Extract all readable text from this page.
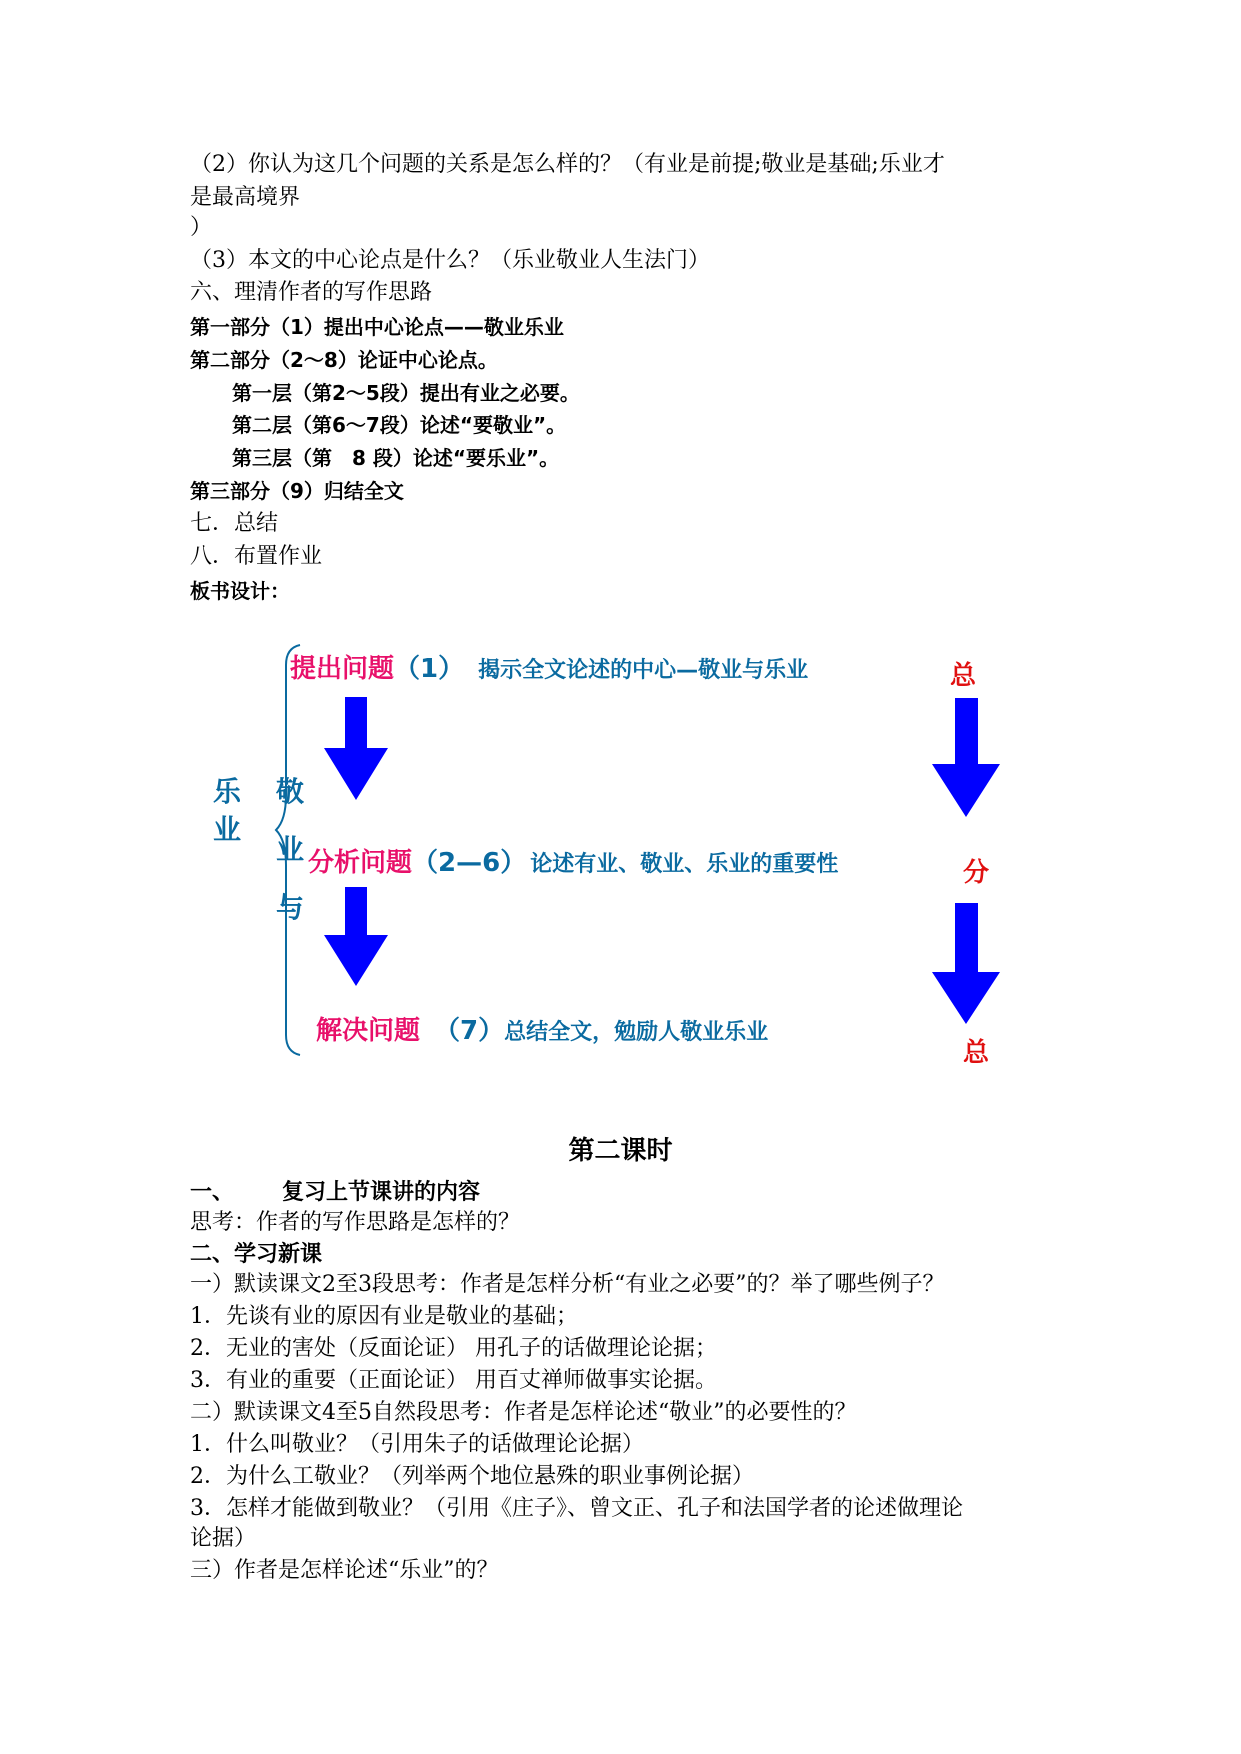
（2）你认为这几个问题的关系是怎么样的？（有业是前提;敬业是基础;乐业才
是最高境界
）
（3）本文的中心论点是什么？（乐业敬业人生法门）
六、理清作者的写作思路
第一部分（1）提出中心论点——敬业乐业
第二部分（2～8）论证中心论点。
第一层（第2～5段）提出有业之必要。
第二层（第6～7段）论述“要敬业”。
第三层（第　8 段）论述“要乐业”。
第三部分（9）归结全文
七．总结
八．布置作业
板书设计：
乐
业
敬
业
与
提出问题（1） 揭示全文论述的中心—敬业与乐业
分析问题（2—6） 论述有业、敬业、乐业的重要性
解决问题 （7）总结全文，勉励人敬业乐业
总
分
总
第二课时
一、 复习上节课讲的内容
思考：作者的写作思路是怎样的？
二、学习新课
一）默读课文2至3段思考：作者是怎样分析“有业之必要”的？举了哪些例子？
1．先谈有业的原因有业是敬业的基础；
2．无业的害处（反面论证） 用孔子的话做理论论据；
3．有业的重要（正面论证） 用百丈禅师做事实论据。
二）默读课文4至5自然段思考：作者是怎样论述“敬业”的必要性的？
1．什么叫敬业？（引用朱子的话做理论论据）
2．为什么工敬业？（列举两个地位悬殊的职业事例论据）
3．怎样才能做到敬业？（引用《庄子》、曾文正、孔子和法国学者的论述做理论
论据）
三）作者是怎样论述“乐业”的？
